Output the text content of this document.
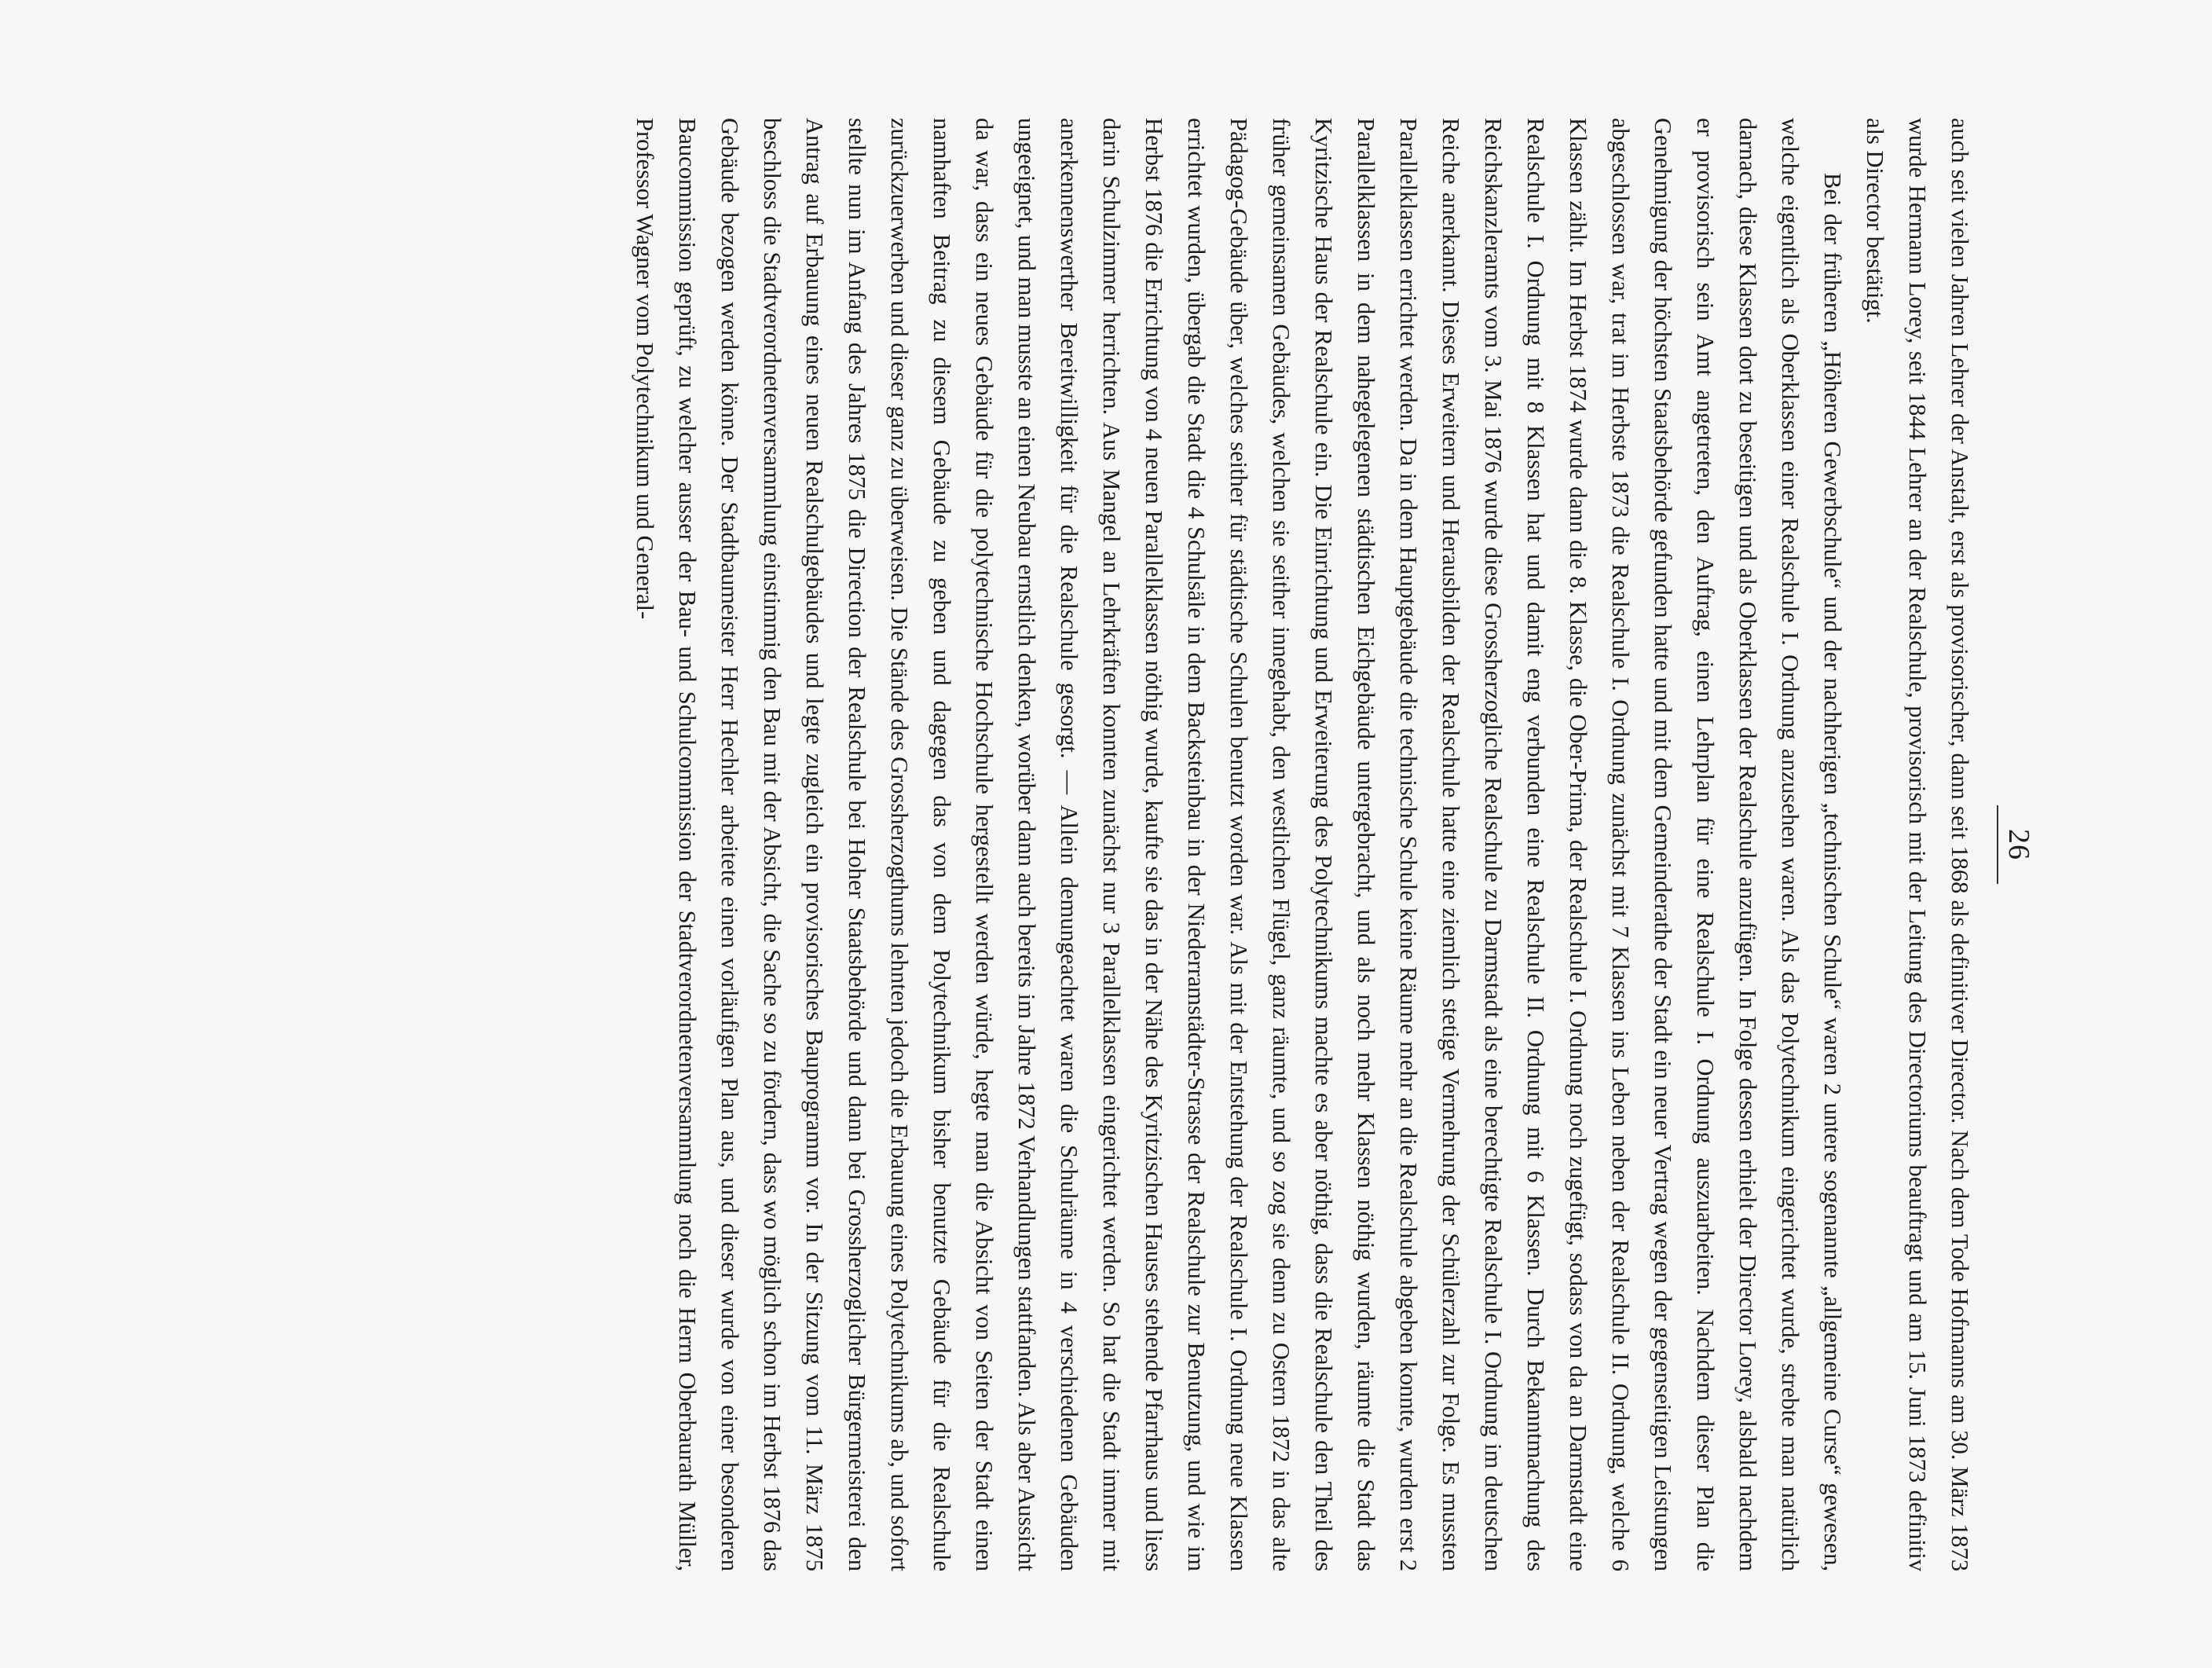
26

auch seit vielen Jahren Lehrer der Anstalt, erst als provisorischer, dann seit 1868 als definitiver Director. Nach dem Tode Hofmanns am 30. März 1873 wurde Hermann Lorey, seit 1844 Lehrer an der Realschule, provisorisch mit der Leitung des Directoriums beauftragt und am 15. Juni 1873 definitiv als Director bestätigt.

Bei der früheren „Höheren Gewerbschule“ und der nachherigen „technischen Schule“ waren 2 untere sogenannte „allgemeine Curse“ gewesen, welche eigentlich als Oberklassen einer Realschule I. Ordnung anzusehen waren. Als das Polytechnikum eingerichtet wurde, strebte man natürlich darnach, diese Klassen dort zu beseitigen und als Oberklassen der Realschule anzufügen. In Folge dessen erhielt der Director Lorey, alsbald nachdem er provisorisch sein Amt angetreten, den Auftrag, einen Lehrplan für eine Realschule I. Ordnung auszuarbeiten. Nachdem dieser Plan die Genehmigung der höchsten Staatsbehörde gefunden hatte und mit dem Gemeinderathe der Stadt ein neuer Vertrag wegen der gegenseitigen Leistungen abgeschlossen war, trat im Herbste 1873 die Realschule I. Ordnung zunächst mit 7 Klassen ins Leben neben der Realschule II. Ordnung, welche 6 Klassen zählt. Im Herbst 1874 wurde dann die 8. Klasse, die Ober-Prima, der Realschule I. Ordnung noch zugefügt, sodass von da an Darmstadt eine Realschule I. Ordnung mit 8 Klassen hat und damit eng verbunden eine Realschule II. Ordnung mit 6 Klassen. Durch Bekanntmachung des Reichskanzleramts vom 3. Mai 1876 wurde diese Grossherzogliche Realschule zu Darmstadt als eine berechtigte Realschule I. Ordnung im deutschen Reiche anerkannt. Dieses Erweitern und Herausbilden der Realschule hatte eine ziemlich stetige Vermehrung der Schülerzahl zur Folge. Es mussten Parallelklassen errichtet werden. Da in dem Hauptgebäude die technische Schule keine Räume mehr an die Realschule abgeben konnte, wurden erst 2 Parallelklassen in dem nahegelegenen städtischen Eichgebäude untergebracht, und als noch mehr Klassen nöthig wurden, räumte die Stadt das Kyritzische Haus der Realschule ein. Die Einrichtung und Erweiterung des Polytechnikums machte es aber nöthig, dass die Realschule den Theil des früher gemeinsamen Gebäudes, welchen sie seither innegehabt, den westlichen Flügel, ganz räumte, und so zog sie denn zu Ostern 1872 in das alte Pädagog-Gebäude über, welches seither für städtische Schulen benutzt worden war. Als mit der Entstehung der Realschule I. Ordnung neue Klassen errichtet wurden, übergab die Stadt die 4 Schulsäle in dem Backsteinbau in der Niederramstädter-Strasse der Realschule zur Benutzung, und wie im Herbst 1876 die Errichtung von 4 neuen Parallelklassen nöthig wurde, kaufte sie das in der Nähe des Kyritzischen Hauses stehende Pfarrhaus und liess darin Schulzimmer herrichten. Aus Mangel an Lehrkräften konnten zunächst nur 3 Parallelklassen eingerichtet werden. So hat die Stadt immer mit anerkennenswerther Bereitwilligkeit für die Realschule gesorgt. — Allein demungeachtet waren die Schulräume in 4 verschiedenen Gebäuden ungeeignet, und man musste an einen Neubau ernstlich denken, worüber dann auch bereits im Jahre 1872 Verhandlungen stattfanden. Als aber Aussicht da war, dass ein neues Gebäude für die polytechnische Hochschule hergestellt werden würde, hegte man die Absicht von Seiten der Stadt einen namhaften Beitrag zu diesem Gebäude zu geben und dagegen das von dem Polytechnikum bisher benutzte Gebäude für die Realschule zurückzuerwerben und dieser ganz zu überweisen. Die Stände des Grossherzogthums lehnten jedoch die Erbauung eines Polytechnikums ab, und sofort stellte nun im Anfang des Jahres 1875 die Direction der Realschule bei Hoher Staatsbehörde und dann bei Grossherzoglicher Bürgermeisterei den Antrag auf Erbauung eines neuen Realschulgebäudes und legte zugleich ein provisorisches Bauprogramm vor. In der Sitzung vom 11. März 1875 beschloss die Stadtverordnetenversammlung einstimmig den Bau mit der Absicht, die Sache so zu fördern, dass wo möglich schon im Herbst 1876 das Gebäude bezogen werden könne. Der Stadtbaumeister Herr Hechler arbeitete einen vorläufigen Plan aus, und dieser wurde von einer besonderen Baucommission geprüft, zu welcher ausser der Bau- und Schulcommission der Stadtverordnetenversammlung noch die Herrn Oberbaurath Müller, Professor Wagner vom Polytechnikum und General-
